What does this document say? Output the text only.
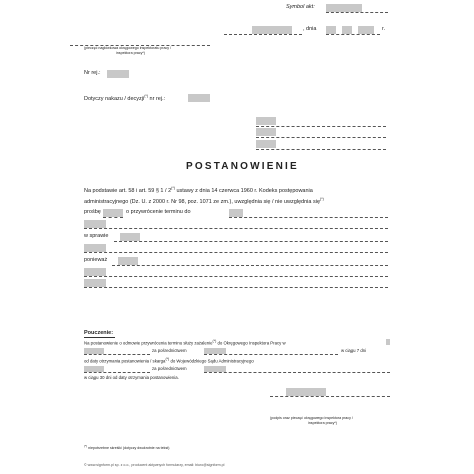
Symbol akt:
, dnia	r.
(pieczęć nagłówkowa okręgowego inspektoratu pracy /
inspektora pracy*)
Nr rej.:
Dotyczy nakazu / decyzji(*) nr rej.:
POSTANOWIENIE
Na podstawie art. 58 i art. 59 § 1 / 2(*) ustawy z dnia 14 czerwca 1960 r. Kodeks postępowania
administracyjnego (Dz. U. z 2000 r. Nr 98, poz. 1071 ze zm.), uwzględnia się / nie uwzględnia się(*)
prośbę	o przywrócenie terminu do
w sprawie
ponieważ
Pouczenie:
Na postanowienie o odmowie przywrócenia terminu służy zażalenie(*) do Okręgowego Inspektora Pracy w
za pośrednictwem	w ciągu 7 dni
od daty otrzymania postanowienia / skarga(*) do Wojewódzkiego Sądu Administracyjnego
za pośrednictwem
w ciągu 30 dni od daty otrzymania postanowienia.
(podpis oraz pieczęć okręgowego inspektora pracy /
inspektora pracy*)
(*) niepotrzebne skreślić (dotyczy dwukrotnie na tekst)
© www.signform.pl sp. z o.o., producent aktywnych formularzy, email: biuro@signform.pl
